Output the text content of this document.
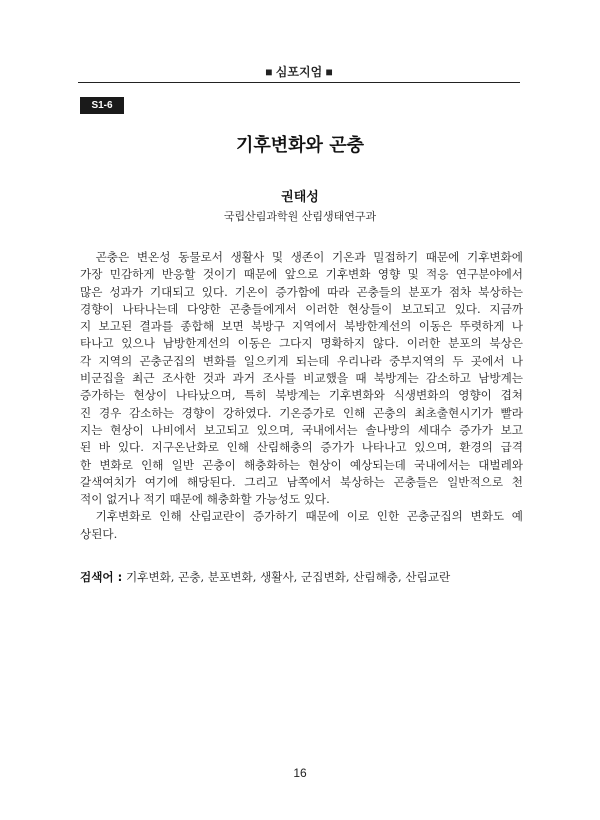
■ 심포지엄 ■
S1-6
기후변화와 곤충
권태성
국립산림과학원 산림생태연구과
　곤충은 변온성 동물로서 생활사 및 생존이 기온과 밀접하기 때문에 기후변화에
가장 민감하게 반응할 것이기 때문에 앞으로 기후변화 영향 및 적응 연구분야에서
많은 성과가 기대되고 있다. 기온이 증가함에 따라 곤충들의 분포가 점차 북상하는
경향이 나타나는데 다양한 곤충들에게서 이러한 현상들이 보고되고 있다. 지금까
지 보고된 결과를 종합해 보면 북방구 지역에서 북방한계선의 이동은 뚜렷하게 나
타나고 있으나 남방한계선의 이동은 그다지 명확하지 않다. 이러한 분포의 북상은
각 지역의 곤충군집의 변화를 일으키게 되는데 우리나라 중부지역의 두 곳에서 나
비군집을 최근 조사한 것과 과거 조사를 비교했을 때 북방계는 감소하고 남방계는
증가하는 현상이 나타났으며, 특히 북방계는 기후변화와 식생변화의 영향이 겹쳐
진 경우 감소하는 경향이 강하였다. 기온증가로 인해 곤충의 최초출현시기가 빨라
지는 현상이 나비에서 보고되고 있으며, 국내에서는 솔나방의 세대수 증가가 보고
된 바 있다. 지구온난화로 인해 산림해충의 증가가 나타나고 있으며, 환경의 급격
한 변화로 인해 일반 곤충이 해충화하는 현상이 예상되는데 국내에서는 대벌레와
갈색여치가 여기에 해당된다. 그리고 남쪽에서 북상하는 곤충들은 일반적으로 천
적이 없거나 적기 때문에 해충화할 가능성도 있다.
　기후변화로 인해 산림교란이 증가하기 때문에 이로 인한 곤충군집의 변화도 예
상된다.
검색어 : 기후변화, 곤충, 분포변화, 생활사, 군집변화, 산림해충, 산림교란
16
